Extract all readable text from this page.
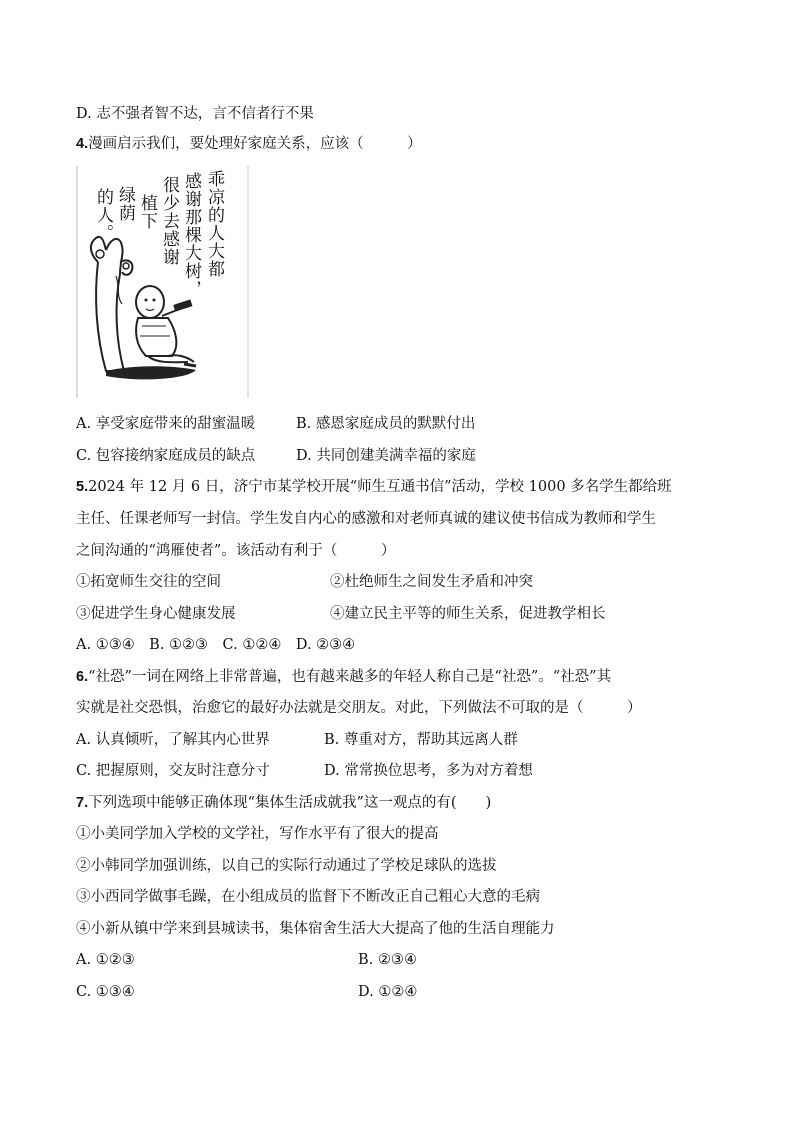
D. 志不强者智不达，言不信者行不果
4.漫画启示我们，要处理好家庭关系，应该（　　　）
乖凉的人大都
感谢那棵大树，
很少去感谢
植下
绿荫
的人。
A. 享受家庭带来的甜蜜温暖	B. 感恩家庭成员的默默付出
C. 包容接纳家庭成员的缺点	D. 共同创建美满幸福的家庭
5.2024 年 12 月 6 日，济宁市某学校开展“师生互通书信”活动，学校 1000 多名学生都给班
主任、任课老师写一封信。学生发自内心的感激和对老师真诚的建议使书信成为教师和学生
之间沟通的“鸿雁使者”。该活动有利于（　　　）
①拓宽师生交往的空间	②杜绝师生之间发生矛盾和冲突
③促进学生身心健康发展	④建立民主平等的师生关系，促进教学相长
A. ①③④　B. ①②③　C. ①②④　D. ②③④
6.“社恐”一词在网络上非常普遍，也有越来越多的年轻人称自己是“社恐”。“社恐”其
实就是社交恐惧，治愈它的最好办法就是交朋友。对此，下列做法不可取的是（　　　）
A. 认真倾听，了解其内心世界	B. 尊重对方，帮助其远离人群
C. 把握原则，交友时注意分寸	D. 常常换位思考，多为对方着想
7.下列选项中能够正确体现“集体生活成就我”这一观点的有(　　)
①小美同学加入学校的文学社，写作水平有了很大的提高
②小韩同学加强训练，以自己的实际行动通过了学校足球队的选拔
③小西同学做事毛躁，在小组成员的监督下不断改正自己粗心大意的毛病
④小新从镇中学来到县城读书，集体宿舍生活大大提高了他的生活自理能力
A. ①②③	B. ②③④
C. ①③④	D. ①②④
